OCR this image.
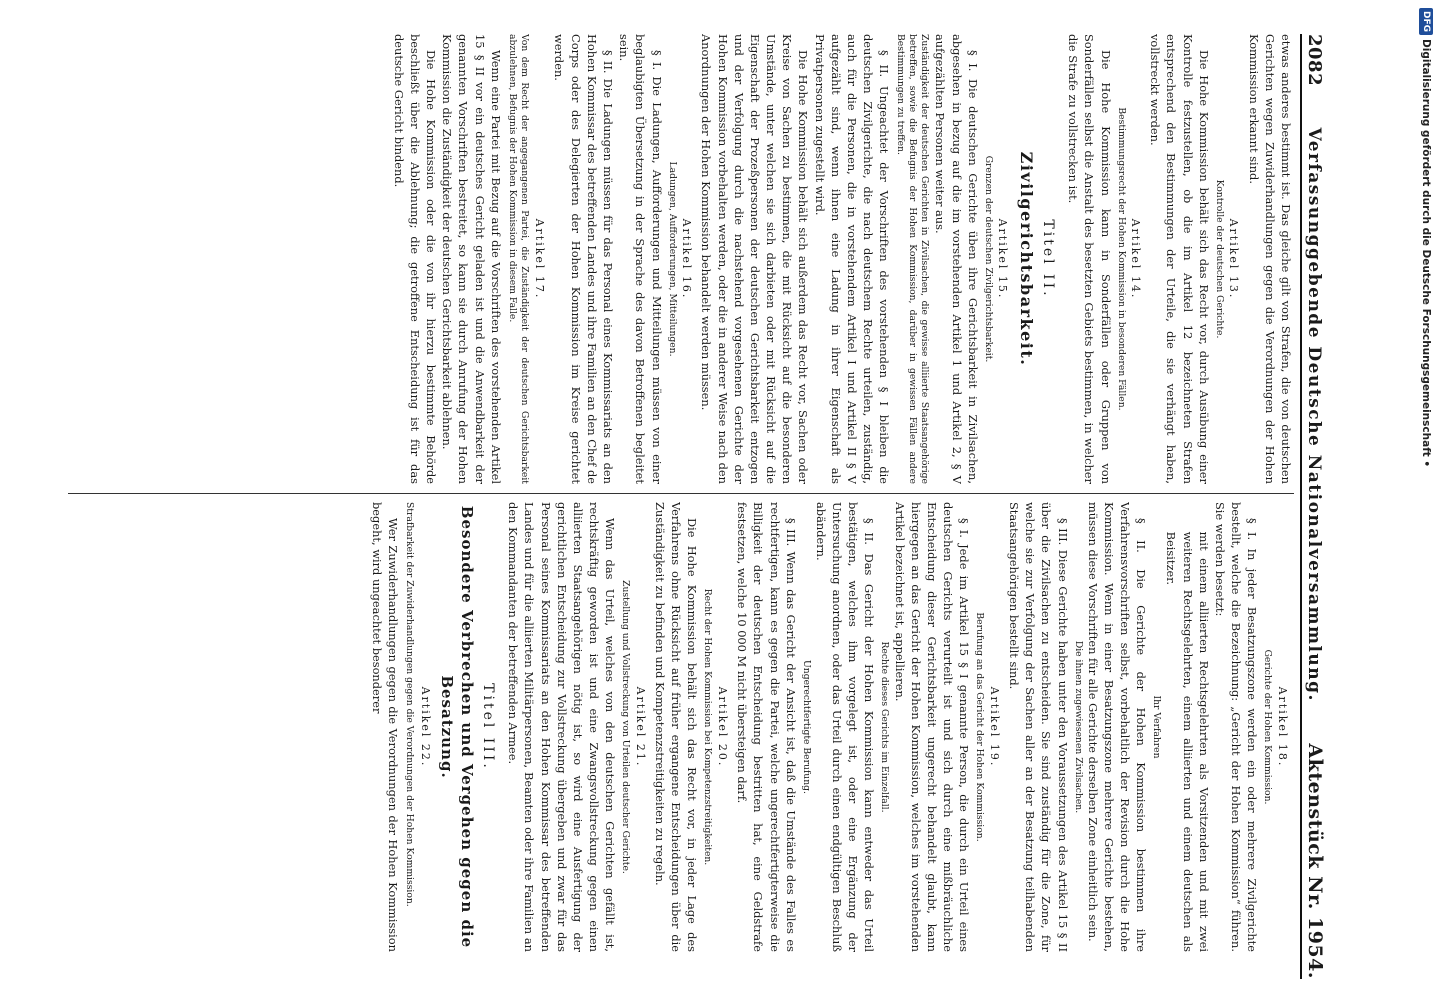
2082
Verfassunggebende Deutsche Nationalversammlung.
Aktenstück Nr. 1954.

etwas anderes bestimmt ist. Das gleiche gilt von Strafen, die von deutschen Gerichten wegen Zuwiderhandlungen gegen die Verordnungen der Hohen Kommission erkannt sind.

Artikel 13.
Kontrolle der deutschen Gerichte.

Die Hohe Kommission behält sich das Recht vor, durch Ausübung einer Kontrolle festzustellen, ob die im Artikel 12 bezeichneten Strafen entsprechend den Bestimmungen der Urteile, die sie verhängt haben, vollstreckt werden.

Artikel 14.
Bestimmungsrecht der Hohen Kommission in besonderen Fällen.

Die Hohe Kommission kann in Sonderfällen oder Gruppen von Sonderfällen selbst die Anstalt des besetzten Gebiets bestimmen, in welcher die Strafe zu vollstrecken ist.

Titel II.
Zivilgerichtsbarkeit.
Artikel 15.
Grenzen der deutschen Zivilgerichtsbarkeit.

§ I. Die deutschen Gerichte üben ihre Gerichtsbarkeit in Zivilsachen, abgesehen in bezug auf die im vorstehenden Artikel 1 und Artikel 2, § V aufgezählten Personen weiter aus.

Zuständigkeit der deutschen Gerichten in Zivilsachen, die gewisse alliierte Staatsangehörige betreffen, sowie die Befugnis der Hohen Kommission, darüber in gewissen Fällen andere Bestimmungen zu treffen.

§ II. Ungeachtet der Vorschriften des vorstehenden § I bleiben die deutschen Zivilgerichte, die nach deutschem Rechte urteilen, zuständig, auch für die Personen, die in vorstehendem Artikel I und Artikel II § V aufgezählt sind, wenn ihnen eine Ladung in ihrer Eigenschaft als Privatpersonen zugestellt wird.

Die Hohe Kommission behält sich außerdem das Recht vor, Sachen oder Kreise von Sachen zu bestimmen, die mit Rücksicht auf die besonderen Umstände, unter welchen sie sich darbieten oder mit Rücksicht auf die Eigenschaft der Prozeßpersonen der deutschen Gerichtsbarkeit entzogen und der Verfolgung durch die nachstehend vorgesehenen Gerichte der Hohen Kommission vorbehalten werden, oder die in anderer Weise nach den Anordnungen der Hohen Kommission behandelt werden müssen.

Artikel 16.
Ladungen, Aufforderungen, Mitteilungen.

§ I. Die Ladungen, Aufforderungen und Mitteilungen müssen von einer beglaubigten Übersetzung in der Sprache des davon Betroffenen begleitet sein.

§ II. Die Ladungen müssen für das Personal eines Kommissariats an den Hohen Kommissar des betreffenden Landes und ihre Familien an den Chef de Corps oder des Delegierten der Hohen Kommission im Kreise gerichtet werden.

Artikel 17.
Von dem Recht der angegangenen Partei, die Zuständigkeit der deutschen Gerichtsbarkeit abzulehnen, Befugnis der Hohen Kommission in diesem Falle.

Wenn eine Partei mit Bezug auf die Vorschriften des vorstehenden Artikel 15 § II vor ein deutsches Gericht geladen ist und die Anwendbarkeit der genannten Vorschriften bestreitet, so kann sie durch Anrufung der Hohen Kommission die Zuständigkeit der deutschen Gerichtsbarkeit ablehnen.

Die Hohe Kommission oder die von ihr hierzu bestimmte Behörde beschließt über die Ablehnung; die getroffene Entscheidung ist für das deutsche Gericht bindend.

Artikel 18.
Gerichte der Hohen Kommission.

§ I. In jeder Besatzungszone werden ein oder mehrere Zivilgerichte bestellt, welche die Bezeichnung: „Gericht der Hohen Kommission“ führen. Sie werden besetzt:

mit einem alliierten Rechtsgelehrten als Vorsitzenden und mit zwei weiteren Rechtsgelehrten, einem alliierten und einem deutschen als Beisitzer.

Ihr Verfahren

§ II. Die Gerichte der Hohen Kommission bestimmen ihre Verfahrensvorschriften selbst, vorbehaltlich der Revision durch die Hohe Kommission. Wenn in einer Besatzungszone mehrere Gerichte bestehen, müssen diese Vorschriften für alle Gerichte derselben Zone einheitlich sein.

Die ihnen zugewiesenen Zivilsachen.

§ III. Diese Gerichte haben unter den Voraussetzungen des Artikel 15 § II über die Zivilsachen zu entscheiden. Sie sind zuständig für die Zone, für welche sie zur Verfolgung der Sachen aller an der Besatzung teilhabenden Staatsangehörigen bestellt sind.

Artikel 19.
Berufung an das Gericht der Hohen Kommission.

§ I. Jede im Artikel 15 § I genannte Person, die durch ein Urteil eines deutschen Gerichts verurteilt ist und sich durch eine mißbräuchliche Entscheidung dieser Gerichtsbarkeit ungerecht behandelt glaubt, kann hiergegen an das Gericht der Hohen Kommission, welches im vorstehenden Artikel bezeichnet ist, appellieren.

Rechte dieses Gerichts im Einzelfall.

§ II. Das Gericht der Hohen Kommission kann entweder das Urteil bestätigen, welches ihm vorgelegt ist, oder eine Ergänzung der Untersuchung anordnen, oder das Urteil durch einen endgültigen Beschluß abändern.

Ungerechtfertigte Berufung.

§ III. Wenn das Gericht der Ansicht ist, daß die Umstände des Falles es rechtfertigen, kann es gegen die Partei, welche ungerechtfertigterweise die Billigkeit der deutschen Entscheidung bestritten hat, eine Geldstrafe festsetzen, welche 10 000 M nicht übersteigen darf.

Artikel 20.
Recht der Hohen Kommission bei Kompetenzstreitigkeiten.

Die Hohe Kommission behält sich das Recht vor, in jeder Lage des Verfahrens ohne Rücksicht auf früher ergangene Entscheidungen über die Zuständigkeit zu befinden und Kompetenzstreitigkeiten zu regeln.

Artikel 21.
Zustellung und Vollstreckung von Urteilen deutscher Gerichte.

Wenn das Urteil, welches von den deutschen Gerichten gefällt ist, rechtskräftig geworden ist und eine Zwangsvollstreckung gegen einen alliierten Staatsangehörigen nötig ist, so wird eine Ausfertigung der gerichtlichen Entscheidung zur Vollstreckung übergeben und zwar für das Personal seines Kommissariats an den Hohen Kommissar des betreffenden Landes und für die alliierten Militärpersonen, Beamten oder ihre Familien an den Kommandanten der betreffenden Armee.

Titel III.
Besondere Verbrechen und Vergehen gegen die Besatzung.
Artikel 22.
Strafbarkeit der Zuwiderhandlungen gegen die Verordnungen der Hohen Kommission.

Wer Zuwiderhandlungen gegen die Verordnungen der Hohen Kommission begeht, wird ungeachtet besonderer

DFG
Digitalisierung gefördert durch die Deutsche Forschungsgemeinschaft •
